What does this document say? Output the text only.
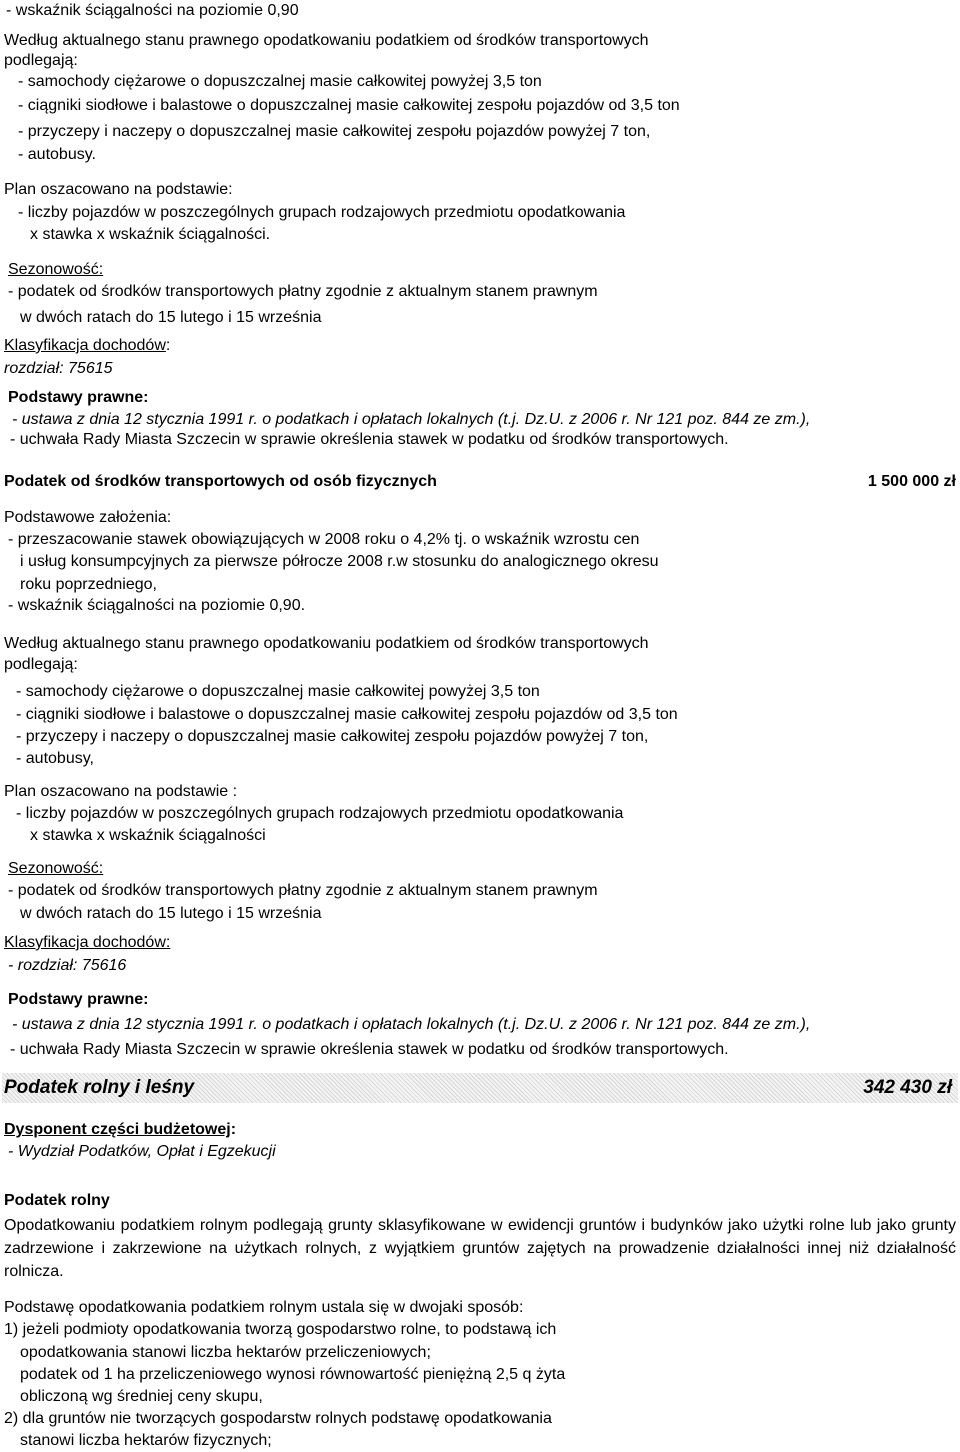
- wskaźnik ściągalności na poziomie 0,90
Według aktualnego stanu prawnego opodatkowaniu podatkiem od środków transportowych
podlegają:
- samochody ciężarowe o dopuszczalnej masie całkowitej powyżej 3,5 ton
- ciągniki siodłowe i balastowe o dopuszczalnej masie całkowitej zespołu pojazdów od 3,5 ton
- przyczepy i naczepy o dopuszczalnej masie całkowitej zespołu pojazdów powyżej 7 ton,
- autobusy.
Plan oszacowano na podstawie:
- liczby pojazdów w poszczególnych grupach rodzajowych przedmiotu opodatkowania
x stawka x wskaźnik ściągalności.
Sezonowość:
- podatek od środków transportowych płatny zgodnie z aktualnym stanem prawnym
w dwóch ratach do 15 lutego i 15 września
Klasyfikacja dochodów:
rozdział: 75615
Podstawy prawne:
- ustawa z dnia 12 stycznia 1991 r. o podatkach i opłatach lokalnych (t.j. Dz.U. z 2006 r. Nr 121 poz. 844 ze zm.),
- uchwała Rady Miasta Szczecin w sprawie określenia stawek w podatku od środków transportowych.
Podatek od środków transportowych od osób fizycznych	1 500 000 zł
Podstawowe założenia:
- przeszacowanie stawek obowiązujących w 2008 roku o 4,2% tj. o wskaźnik wzrostu cen
i usług konsumpcyjnych za pierwsze półrocze 2008 r.w stosunku do analogicznego okresu
roku poprzedniego,
- wskaźnik ściągalności na poziomie 0,90.
Według aktualnego stanu prawnego opodatkowaniu podatkiem od środków transportowych
podlegają:
- samochody ciężarowe o dopuszczalnej masie całkowitej powyżej 3,5 ton
- ciągniki siodłowe i balastowe o dopuszczalnej masie całkowitej zespołu pojazdów od 3,5 ton
- przyczepy i naczepy o dopuszczalnej masie całkowitej zespołu pojazdów powyżej 7 ton,
- autobusy,
Plan oszacowano na podstawie :
- liczby pojazdów w poszczególnych grupach rodzajowych przedmiotu opodatkowania
x stawka x wskaźnik ściągalności
Sezonowość:
- podatek od środków transportowych płatny zgodnie z aktualnym stanem prawnym
w dwóch ratach do 15 lutego i 15 września
Klasyfikacja dochodów:
- rozdział: 75616
Podstawy prawne:
- ustawa z dnia 12 stycznia 1991 r. o podatkach i opłatach lokalnych (t.j. Dz.U. z 2006 r. Nr 121 poz. 844 ze zm.),
- uchwała Rady Miasta Szczecin w sprawie określenia stawek w podatku od środków transportowych.
Podatek rolny i leśny	342 430 zł
Dysponent części budżetowej:
- Wydział Podatków, Opłat i Egzekucji
Podatek rolny
Opodatkowaniu podatkiem rolnym podlegają grunty sklasyfikowane w ewidencji gruntów i budynków jako użytki rolne lub jako grunty zadrzewione i zakrzewione na użytkach rolnych, z wyjątkiem gruntów zajętych na prowadzenie działalności innej niż działalność rolnicza.
Podstawę opodatkowania podatkiem rolnym ustala się w dwojaki sposób:
1) jeżeli podmioty opodatkowania tworzą gospodarstwo rolne, to podstawą ich
opodatkowania stanowi liczba hektarów przeliczeniowych;
podatek od 1 ha przeliczeniowego wynosi równowartość pieniężną 2,5 q żyta
obliczoną wg średniej ceny skupu,
2) dla gruntów nie tworzących gospodarstw rolnych podstawę opodatkowania
stanowi liczba hektarów fizycznych;
